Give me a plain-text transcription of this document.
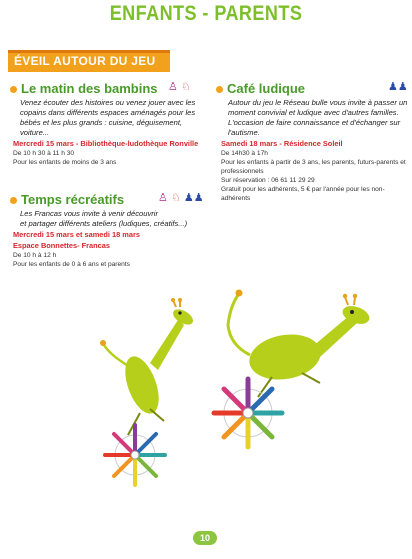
ENFANTS - PARENTS
ÉVEIL AUTOUR DU JEU
Le matin des bambins
Venez écouter des histoires ou venez jouer avec les
copains dans différents espaces aménagés pour les
bébés et les plus grands : cuisine, déguisement,
voiture...
Mercredi 15 mars - Bibliothèque-ludothèque Ronville
De 10 h 30 à 11 h 30
Pour les enfants de moins de 3 ans
♙ ♘
Temps récréatifs
Les Francas vous invite à venir découvrir
et partager différents ateliers (ludiques, créatifs...)
Mercredi 15 mars et samedi 18 mars
Espace Bonnettes- Francas
De 10 h à 12 h
Pour les enfants de 0 à 6 ans et parents
♙ ♘ ♟♟
Café ludique
Autour du jeu le Réseau bulle vous invite à passer un
moment convivial et ludique avec d'autres familles.
L'occasion de faire connaissance et d'échanger sur
l'autisme.
Samedi 18 mars - Résidence Soleil
De 14h30 à 17h
Pour les enfants à partir de 3 ans, les parents, futurs-parents et
professionnels
Sur réservation : 06 61 11 29 29
Gratuit pour les adhérents, 5 € par l'année pour les non-adhérents
♟♟
10
